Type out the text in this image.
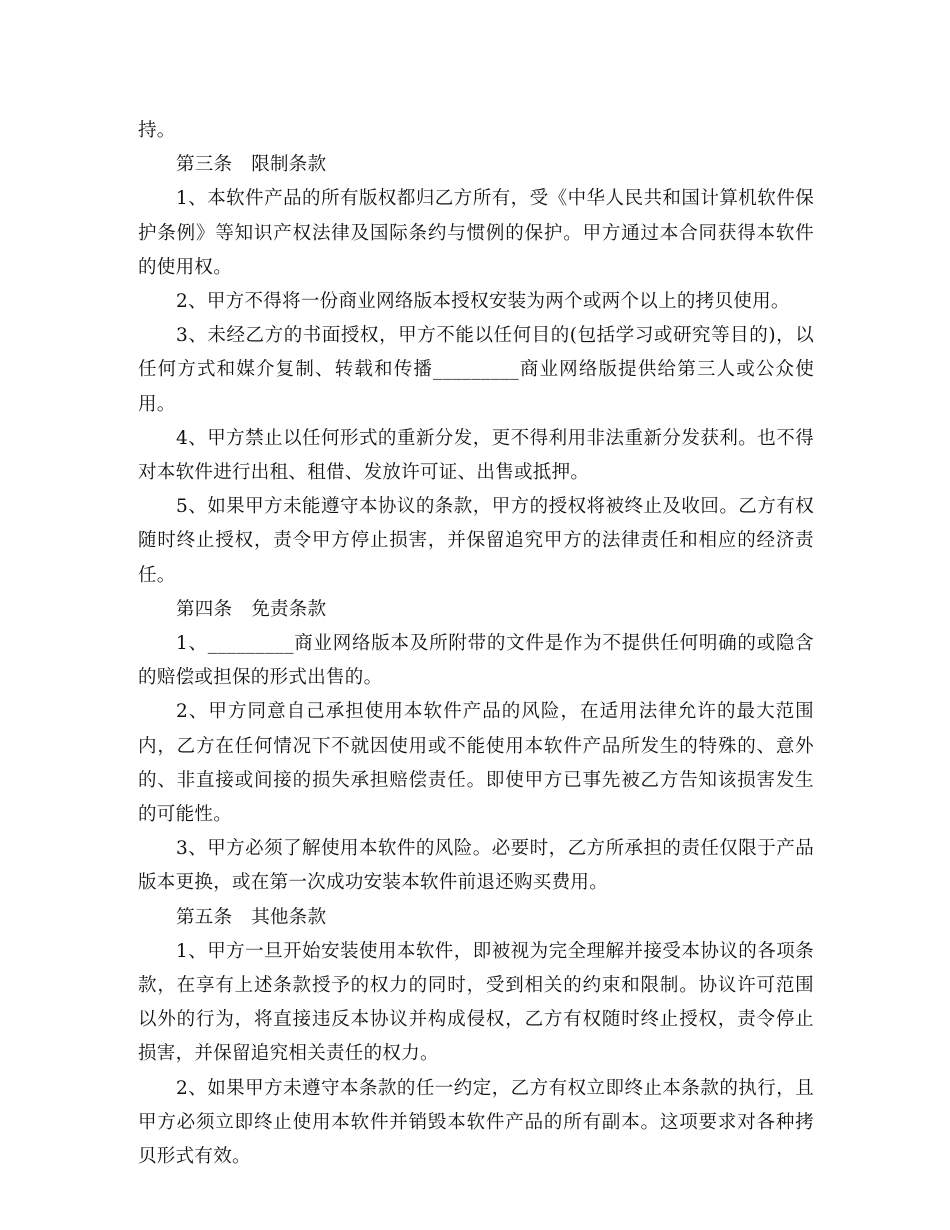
持。

第三条　限制条款

1、本软件产品的所有版权都归乙方所有，受《中华人民共和国计算机软件保护条例》等知识产权法律及国际条约与惯例的保护。甲方通过本合同获得本软件的使用权。

2、甲方不得将一份商业网络版本授权安装为两个或两个以上的拷贝使用。

3、未经乙方的书面授权，甲方不能以任何目的(包括学习或研究等目的)，以任何方式和媒介复制、转载和传播_________商业网络版提供给第三人或公众使用。

4、甲方禁止以任何形式的重新分发，更不得利用非法重新分发获利。也不得对本软件进行出租、租借、发放许可证、出售或抵押。

5、如果甲方未能遵守本协议的条款，甲方的授权将被终止及收回。乙方有权随时终止授权，责令甲方停止损害，并保留追究甲方的法律责任和相应的经济责任。

第四条　免责条款

1、_________商业网络版本及所附带的文件是作为不提供任何明确的或隐含的赔偿或担保的形式出售的。

2、甲方同意自己承担使用本软件产品的风险，在适用法律允许的最大范围内，乙方在任何情况下不就因使用或不能使用本软件产品所发生的特殊的、意外的、非直接或间接的损失承担赔偿责任。即使甲方已事先被乙方告知该损害发生的可能性。

3、甲方必须了解使用本软件的风险。必要时，乙方所承担的责任仅限于产品版本更换，或在第一次成功安装本软件前退还购买费用。

第五条　其他条款

1、甲方一旦开始安装使用本软件，即被视为完全理解并接受本协议的各项条款，在享有上述条款授予的权力的同时，受到相关的约束和限制。协议许可范围以外的行为，将直接违反本协议并构成侵权，乙方有权随时终止授权，责令停止损害，并保留追究相关责任的权力。

2、如果甲方未遵守本条款的任一约定，乙方有权立即终止本条款的执行，且甲方必须立即终止使用本软件并销毁本软件产品的所有副本。这项要求对各种拷贝形式有效。
